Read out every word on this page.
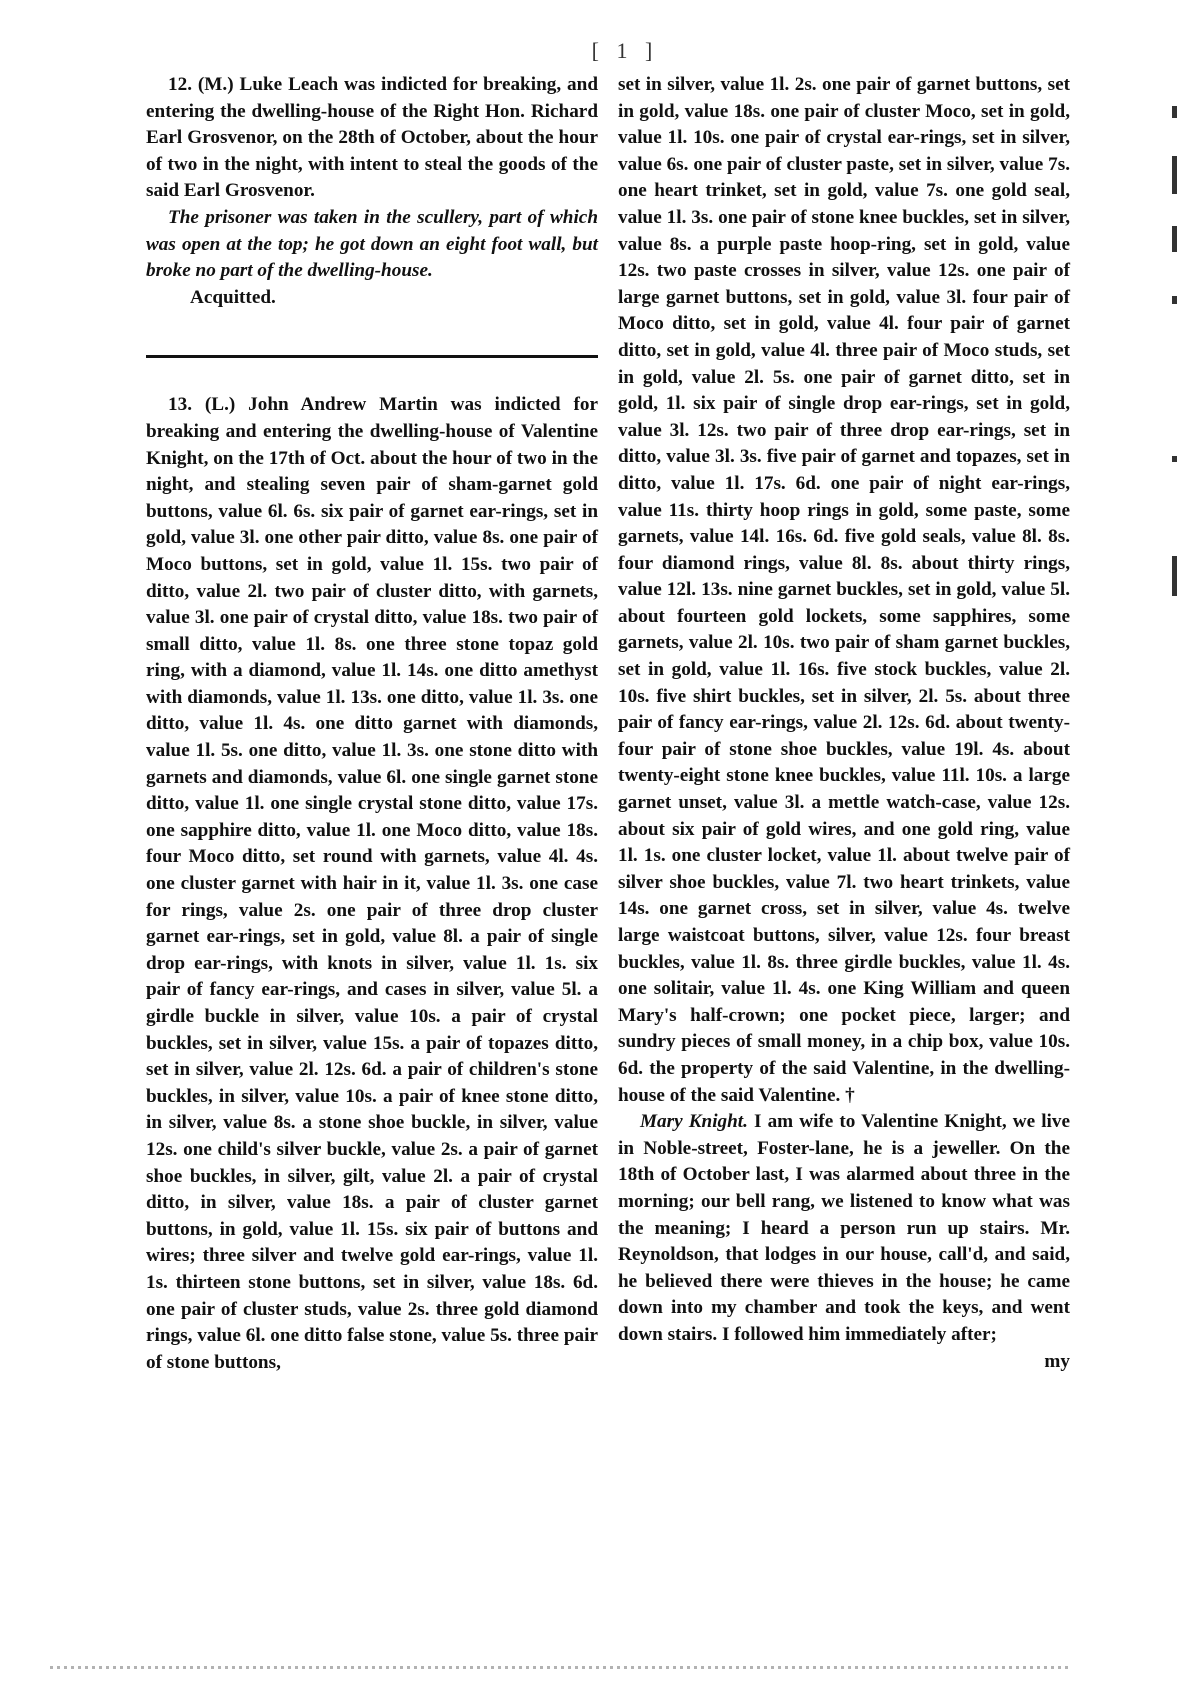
[ 1 ]

12. (M.) Luke Leach was indicted for breaking, and entering the dwelling-house of the Right Hon. Richard Earl Grosvenor, on the 28th of October, about the hour of two in the night, with intent to steal the goods of the said Earl Grosvenor.

The prisoner was taken in the scullery, part of which was open at the top; he got down an eight foot wall, but broke no part of the dwelling-house.

Acquitted.

13. (L.) John Andrew Martin was indicted for breaking and entering the dwelling-house of Valentine Knight, on the 17th of Oct. about the hour of two in the night, and stealing seven pair of sham-garnet gold buttons, value 6l. 6s. six pair of garnet ear-rings, set in gold, value 3l. one other pair ditto, value 8s. one pair of Moco buttons, set in gold, value 1l. 15s. two pair of ditto, value 2l. two pair of cluster ditto, with garnets, value 3l. one pair of crystal ditto, value 18s. two pair of small ditto, value 1l. 8s. one three stone topaz gold ring, with a diamond, value 1l. 14s. one ditto amethyst with diamonds, value 1l. 13s. one ditto, value 1l. 3s. one ditto, value 1l. 4s. one ditto garnet with diamonds, value 1l. 5s. one ditto, value 1l. 3s. one stone ditto with garnets and diamonds, value 6l. one single garnet stone ditto, value 1l. one single crystal stone ditto, value 17s. one sapphire ditto, value 1l. one Moco ditto, value 18s. four Moco ditto, set round with garnets, value 4l. 4s. one cluster garnet with hair in it, value 1l. 3s. one case for rings, value 2s. one pair of three drop cluster garnet ear-rings, set in gold, value 8l. a pair of single drop ear-rings, with knots in silver, value 1l. 1s. six pair of fancy ear-rings, and cases in silver, value 5l. a girdle buckle in silver, value 10s. a pair of crystal buckles, set in silver, value 15s. a pair of topazes ditto, set in silver, value 2l. 12s. 6d. a pair of children's stone buckles, in silver, value 10s. a pair of knee stone ditto, in silver, value 8s. a stone shoe buckle, in silver, value 12s. one child's silver buckle, value 2s. a pair of garnet shoe buckles, in silver, gilt, value 2l. a pair of crystal ditto, in silver, value 18s. a pair of cluster garnet buttons, in gold, value 1l. 15s. six pair of buttons and wires; three silver and twelve gold ear-rings, value 1l. 1s. thirteen stone buttons, set in silver, value 18s. 6d. one pair of cluster studs, value 2s. three gold diamond rings, value 6l. one ditto false stone, value 5s. three pair of stone buttons,

set in silver, value 1l. 2s. one pair of garnet buttons, set in gold, value 18s. one pair of cluster Moco, set in gold, value 1l. 10s. one pair of crystal ear-rings, set in silver, value 6s. one pair of cluster paste, set in silver, value 7s. one heart trinket, set in gold, value 7s. one gold seal, value 1l. 3s. one pair of stone knee buckles, set in silver, value 8s. a purple paste hoop-ring, set in gold, value 12s. two paste crosses in silver, value 12s. one pair of large garnet buttons, set in gold, value 3l. four pair of Moco ditto, set in gold, value 4l. four pair of garnet ditto, set in gold, value 4l. three pair of Moco studs, set in gold, value 2l. 5s. one pair of garnet ditto, set in gold, 1l. six pair of single drop ear-rings, set in gold, value 3l. 12s. two pair of three drop ear-rings, set in ditto, value 3l. 3s. five pair of garnet and topazes, set in ditto, value 1l. 17s. 6d. one pair of night ear-rings, value 11s. thirty hoop rings in gold, some paste, some garnets, value 14l. 16s. 6d. five gold seals, value 8l. 8s. four diamond rings, value 8l. 8s. about thirty rings, value 12l. 13s. nine garnet buckles, set in gold, value 5l. about fourteen gold lockets, some sapphires, some garnets, value 2l. 10s. two pair of sham garnet buckles, set in gold, value 1l. 16s. five stock buckles, value 2l. 10s. five shirt buckles, set in silver, 2l. 5s. about three pair of fancy ear-rings, value 2l. 12s. 6d. about twenty-four pair of stone shoe buckles, value 19l. 4s. about twenty-eight stone knee buckles, value 11l. 10s. a large garnet unset, value 3l. a mettle watch-case, value 12s. about six pair of gold wires, and one gold ring, value 1l. 1s. one cluster locket, value 1l. about twelve pair of silver shoe buckles, value 7l. two heart trinkets, value 14s. one garnet cross, set in silver, value 4s. twelve large waistcoat buttons, silver, value 12s. four breast buckles, value 1l. 8s. three girdle buckles, value 1l. 4s. one solitair, value 1l. 4s. one King William and queen Mary's half-crown; one pocket piece, larger; and sundry pieces of small money, in a chip box, value 10s. 6d. the property of the said Valentine, in the dwelling-house of the said Valentine. †

Mary Knight. I am wife to Valentine Knight, we live in Noble-street, Foster-lane, he is a jeweller. On the 18th of October last, I was alarmed about three in the morning; our bell rang, we listened to know what was the meaning; I heard a person run up stairs. Mr. Reynoldson, that lodges in our house, call'd, and said, he believed there were thieves in the house; he came down into my chamber and took the keys, and went down stairs. I followed him immediately after;

my
